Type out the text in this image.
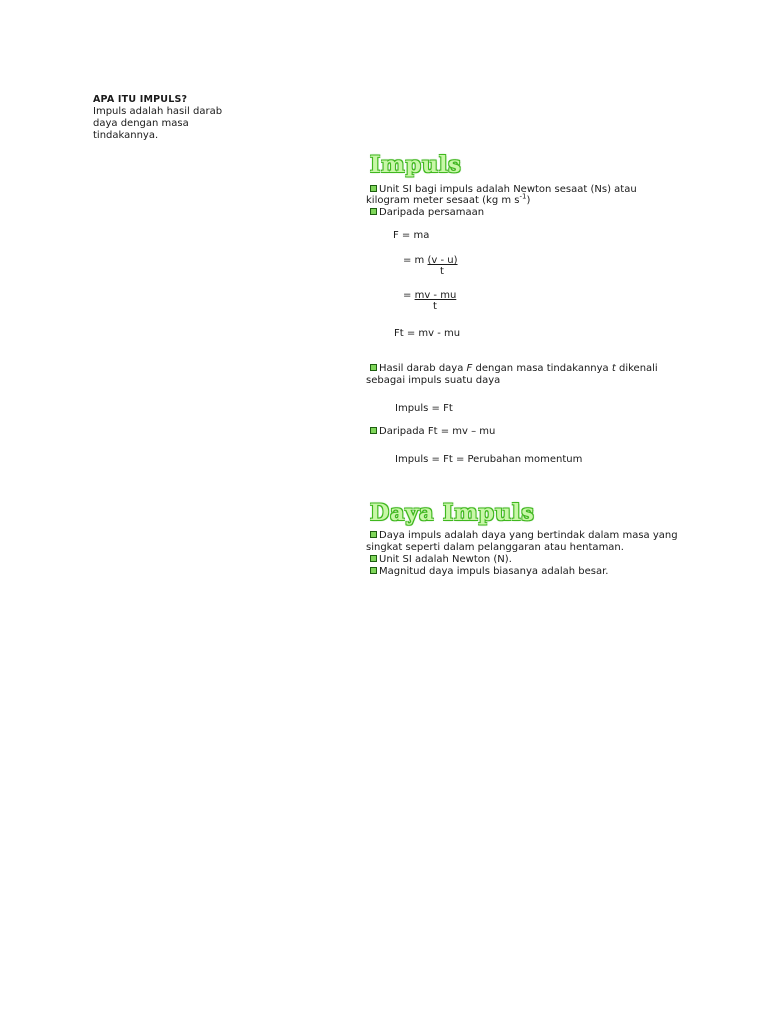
APA ITU IMPULS?
Impuls adalah hasil darab daya dengan masa tindakannya.
Impuls
Unit SI bagi impuls adalah Newton sesaat (Ns) atau
kilogram meter sesaat (kg m $s^{-1}$)
Daripada persamaan
F = ma
= m (v - u)
t
= mv - mu
t
Ft = mv - mu
Hasil darab daya F dengan masa tindakannya t dikenali
sebagai impuls suatu daya
Impuls = Ft
Daripada Ft = mv – mu
Impuls = Ft = Perubahan momentum
Daya Impuls
Daya impuls adalah daya yang bertindak dalam masa yang
singkat seperti dalam pelanggaran atau hentaman.
Unit SI adalah Newton (N).
Magnitud daya impuls biasanya adalah besar.
